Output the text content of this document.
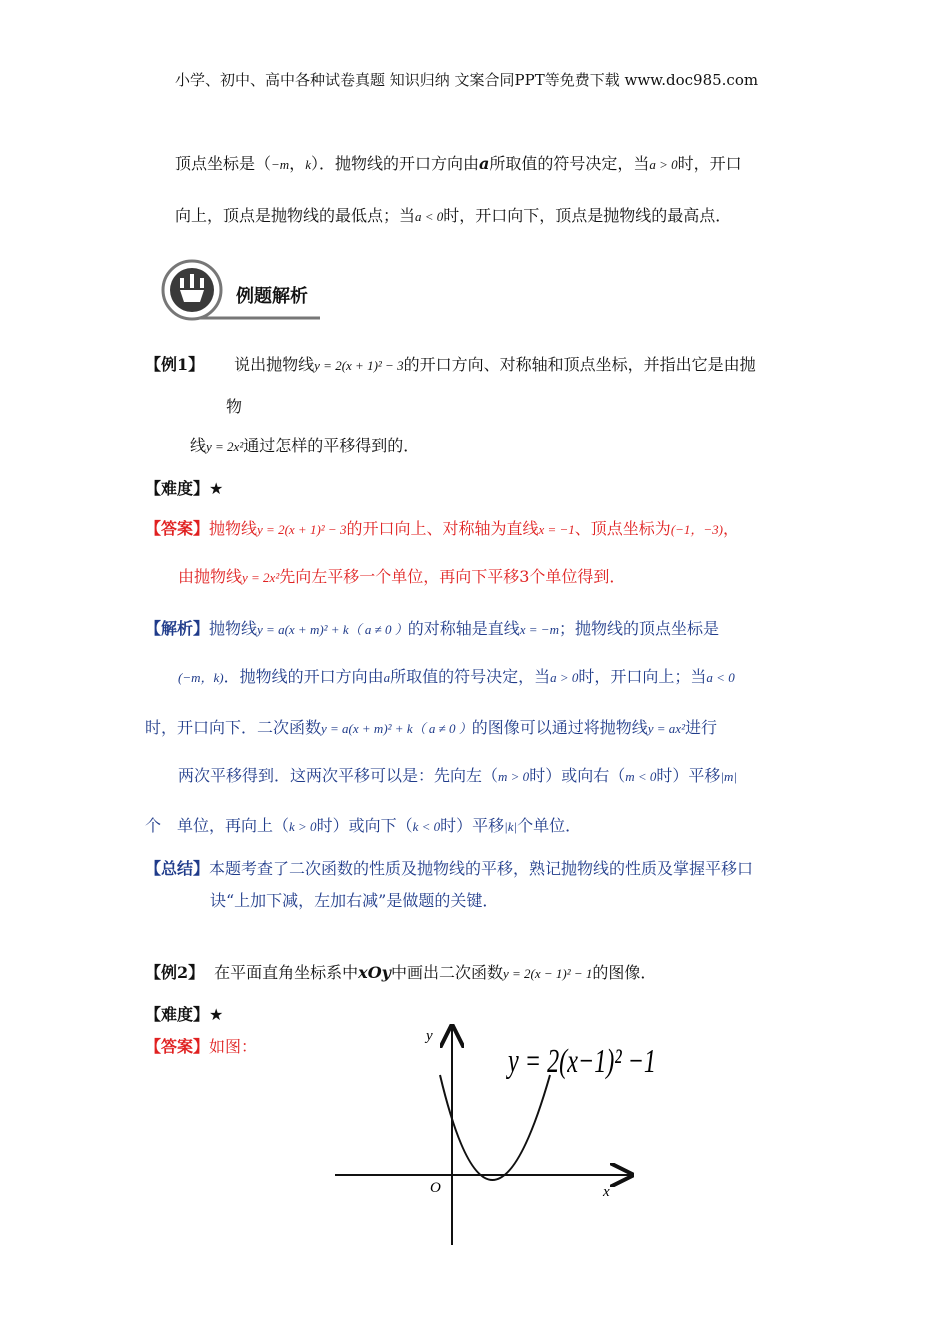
小学、初中、高中各种试卷真题 知识归纳 文案合同PPT等免费下载 www.doc985.com
顶点坐标是（−m，k）．抛物线的开口方向由a所取值的符号决定，当a > 0时，开口
向上，顶点是抛物线的最低点；当a < 0时，开口向下，顶点是抛物线的最高点．
例题解析
【例1】 说出抛物线y = 2(x + 1)² − 3的开口方向、对称轴和顶点坐标，并指出它是由抛
物
线y = 2x²通过怎样的平移得到的．
【难度】★
【答案】抛物线y = 2(x + 1)² − 3的开口向上、对称轴为直线x = −1、顶点坐标为(−1，−3)，
由抛物线y = 2x²先向左平移一个单位，再向下平移3个单位得到．
【解析】抛物线y = a(x + m)² + k（ a ≠ 0 ）的对称轴是直线x = −m；抛物线的顶点坐标是
(−m，k)．抛物线的开口方向由a所取值的符号决定，当a > 0时，开口向上；当a < 0
时，开口向下．二次函数y = a(x + m)² + k（ a ≠ 0 ）的图像可以通过将抛物线y = ax²进行
两次平移得到．这两次平移可以是：先向左（m > 0时）或向右（m < 0时）平移|m|
个　单位，再向上（k > 0时）或向下（k < 0时）平移|k|个单位．
【总结】本题考查了二次函数的性质及抛物线的平移，熟记抛物线的性质及掌握平移口
诀“上加下减，左加右减”是做题的关键．
【例2】 在平面直角坐标系中xOy中画出二次函数y = 2(x − 1)² − 1的图像．
【难度】★
【答案】如图：
y
x
O
y = 2(x−1)² −1
